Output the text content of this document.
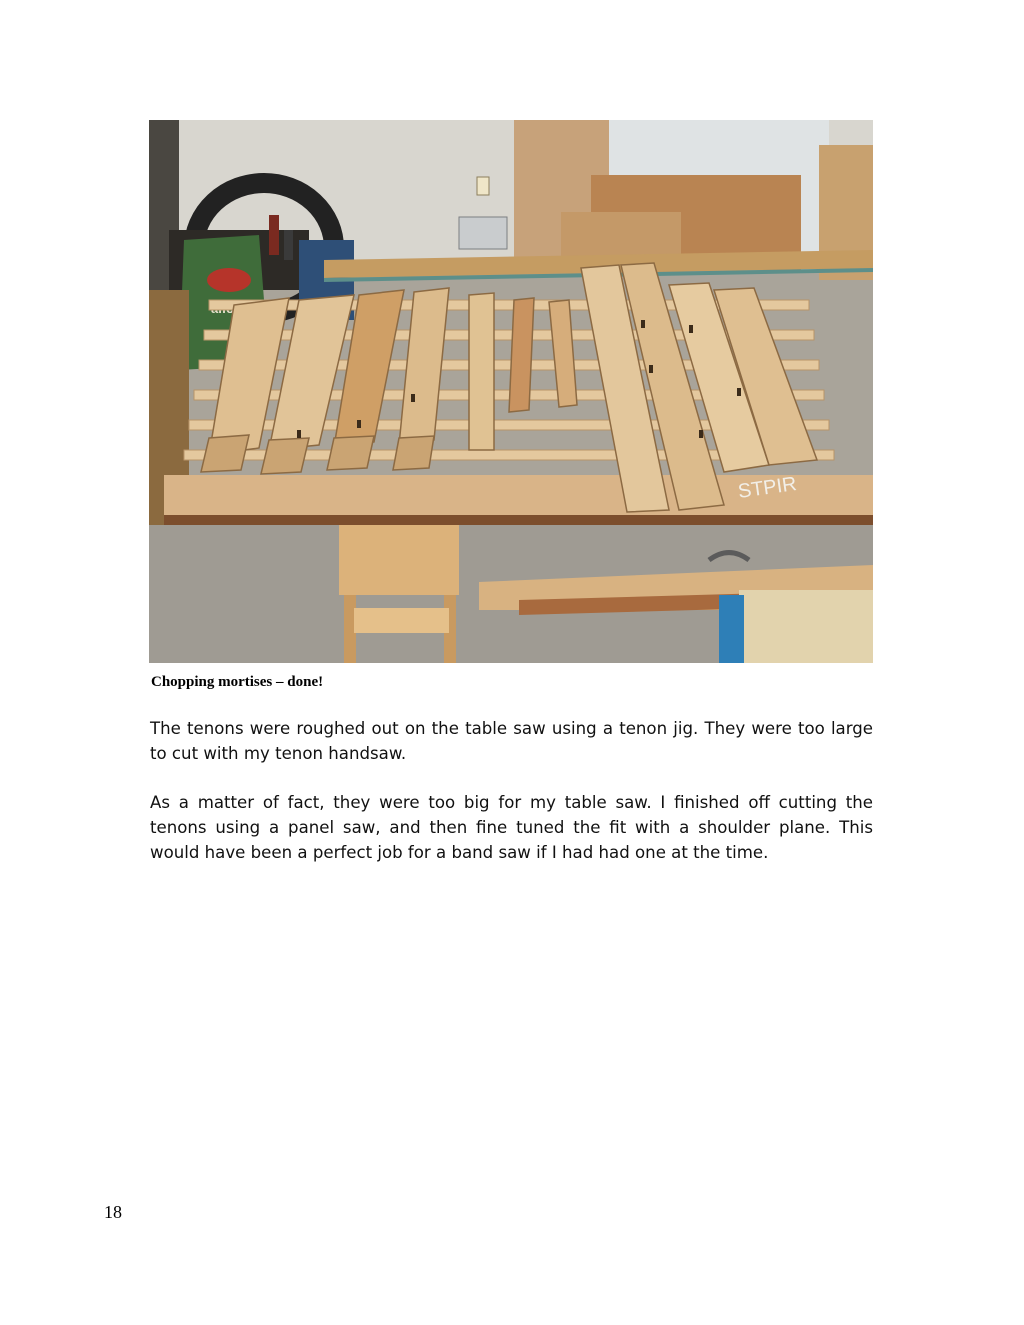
STPIR
Chopping mortises – done!

The tenons were roughed out on the table saw using a tenon jig. They were too large to cut with my tenon handsaw.

As a matter of fact, they were too big for my table saw. I finished off cutting the tenons using a panel saw, and then fine tuned the fit with a shoulder plane. This would have been a perfect job for a band saw if I had had one at the time.

18
